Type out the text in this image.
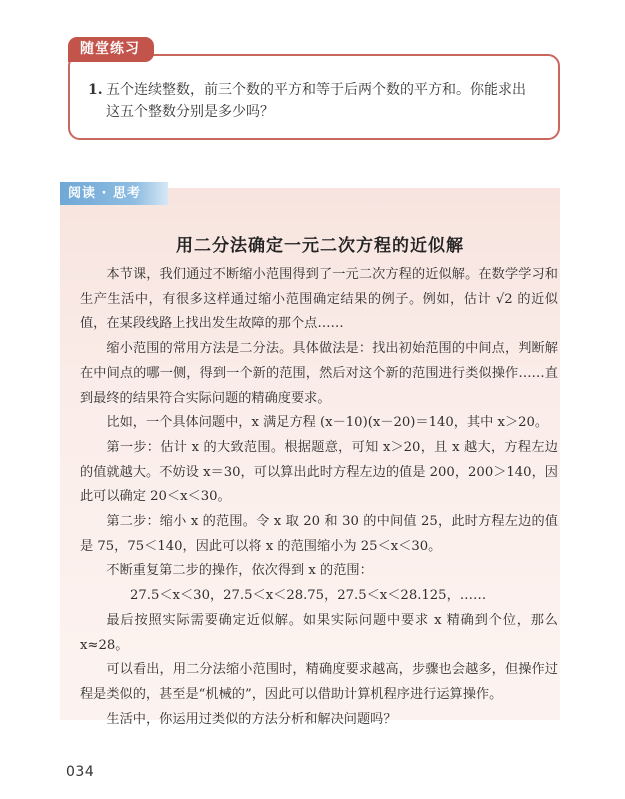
随堂练习
1. 五个连续整数，前三个数的平方和等于后两个数的平方和。你能求出
这五个整数分别是多少吗？
阅读 · 思考
用二分法确定一元二次方程的近似解
本节课，我们通过不断缩小范围得到了一元二次方程的近似解。在数学学习和生产生活中，有很多这样通过缩小范围确定结果的例子。例如，估计 √2 的近似值，在某段线路上找出发生故障的那个点……
缩小范围的常用方法是二分法。具体做法是：找出初始范围的中间点，判断解在中间点的哪一侧，得到一个新的范围，然后对这个新的范围进行类似操作……直到最终的结果符合实际问题的精确度要求。
比如，一个具体问题中，x 满足方程 (x－10)(x－20)＝140，其中 x＞20。
第一步：估计 x 的大致范围。根据题意，可知 x＞20，且 x 越大，方程左边的值就越大。不妨设 x＝30，可以算出此时方程左边的值是 200，200＞140，因此可以确定 20＜x＜30。
第二步：缩小 x 的范围。令 x 取 20 和 30 的中间值 25，此时方程左边的值是 75，75＜140，因此可以将 x 的范围缩小为 25＜x＜30。
不断重复第二步的操作，依次得到 x 的范围：
27.5＜x＜30，27.5＜x＜28.75，27.5＜x＜28.125，……
最后按照实际需要确定近似解。如果实际问题中要求 x 精确到个位，那么 x≈28。
可以看出，用二分法缩小范围时，精确度要求越高，步骤也会越多，但操作过程是类似的，甚至是“机械的”，因此可以借助计算机程序进行运算操作。
生活中，你运用过类似的方法分析和解决问题吗？
034
